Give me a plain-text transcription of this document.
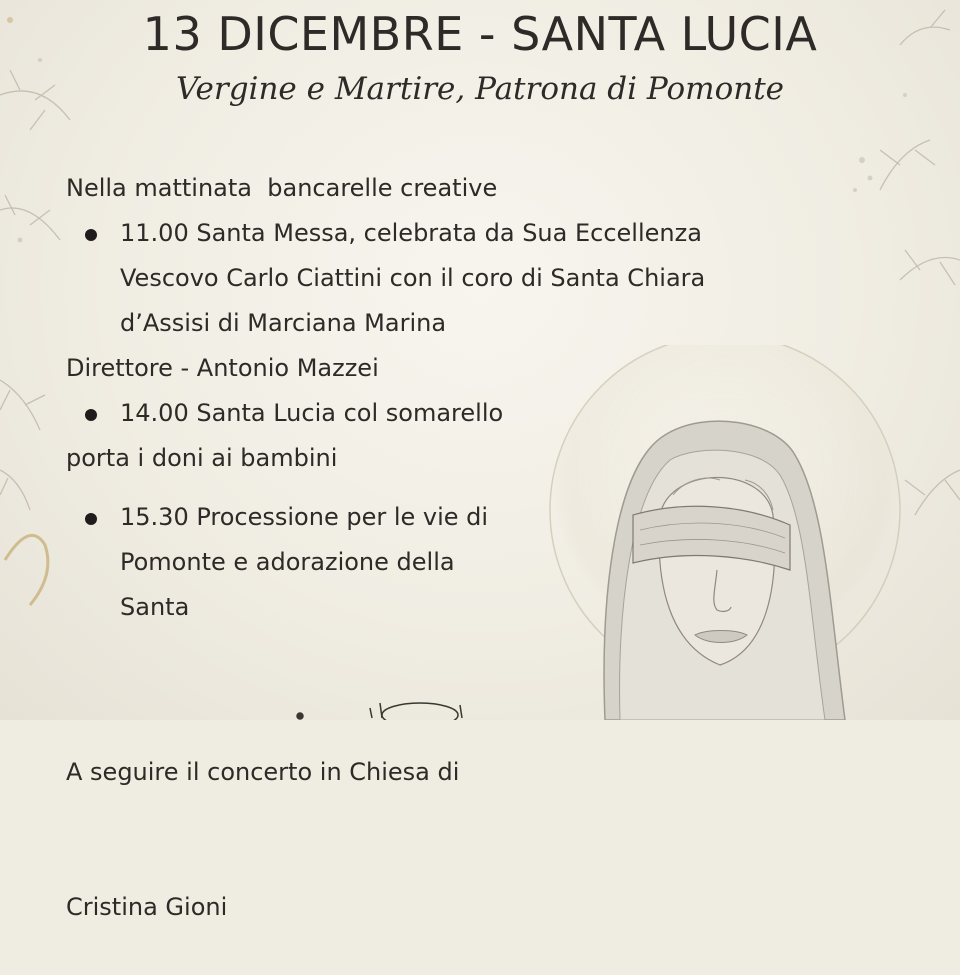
13 DICEMBRE - SANTA LUCIA
Vergine e Martire, Patrona di Pomonte
Nella mattinata  bancarelle creative
11.00 Santa Messa, celebrata da Sua Eccellenza
Vescovo Carlo Ciattini con il coro di Santa Chiara
d’Assisi di Marciana Marina
Direttore - Antonio Mazzei
14.00 Santa Lucia col somarello
porta i doni ai bambini
15.30 Processione per le vie di
Pomonte e adorazione della
Santa

A seguire il concerto in Chiesa di

Cristina Gioni
